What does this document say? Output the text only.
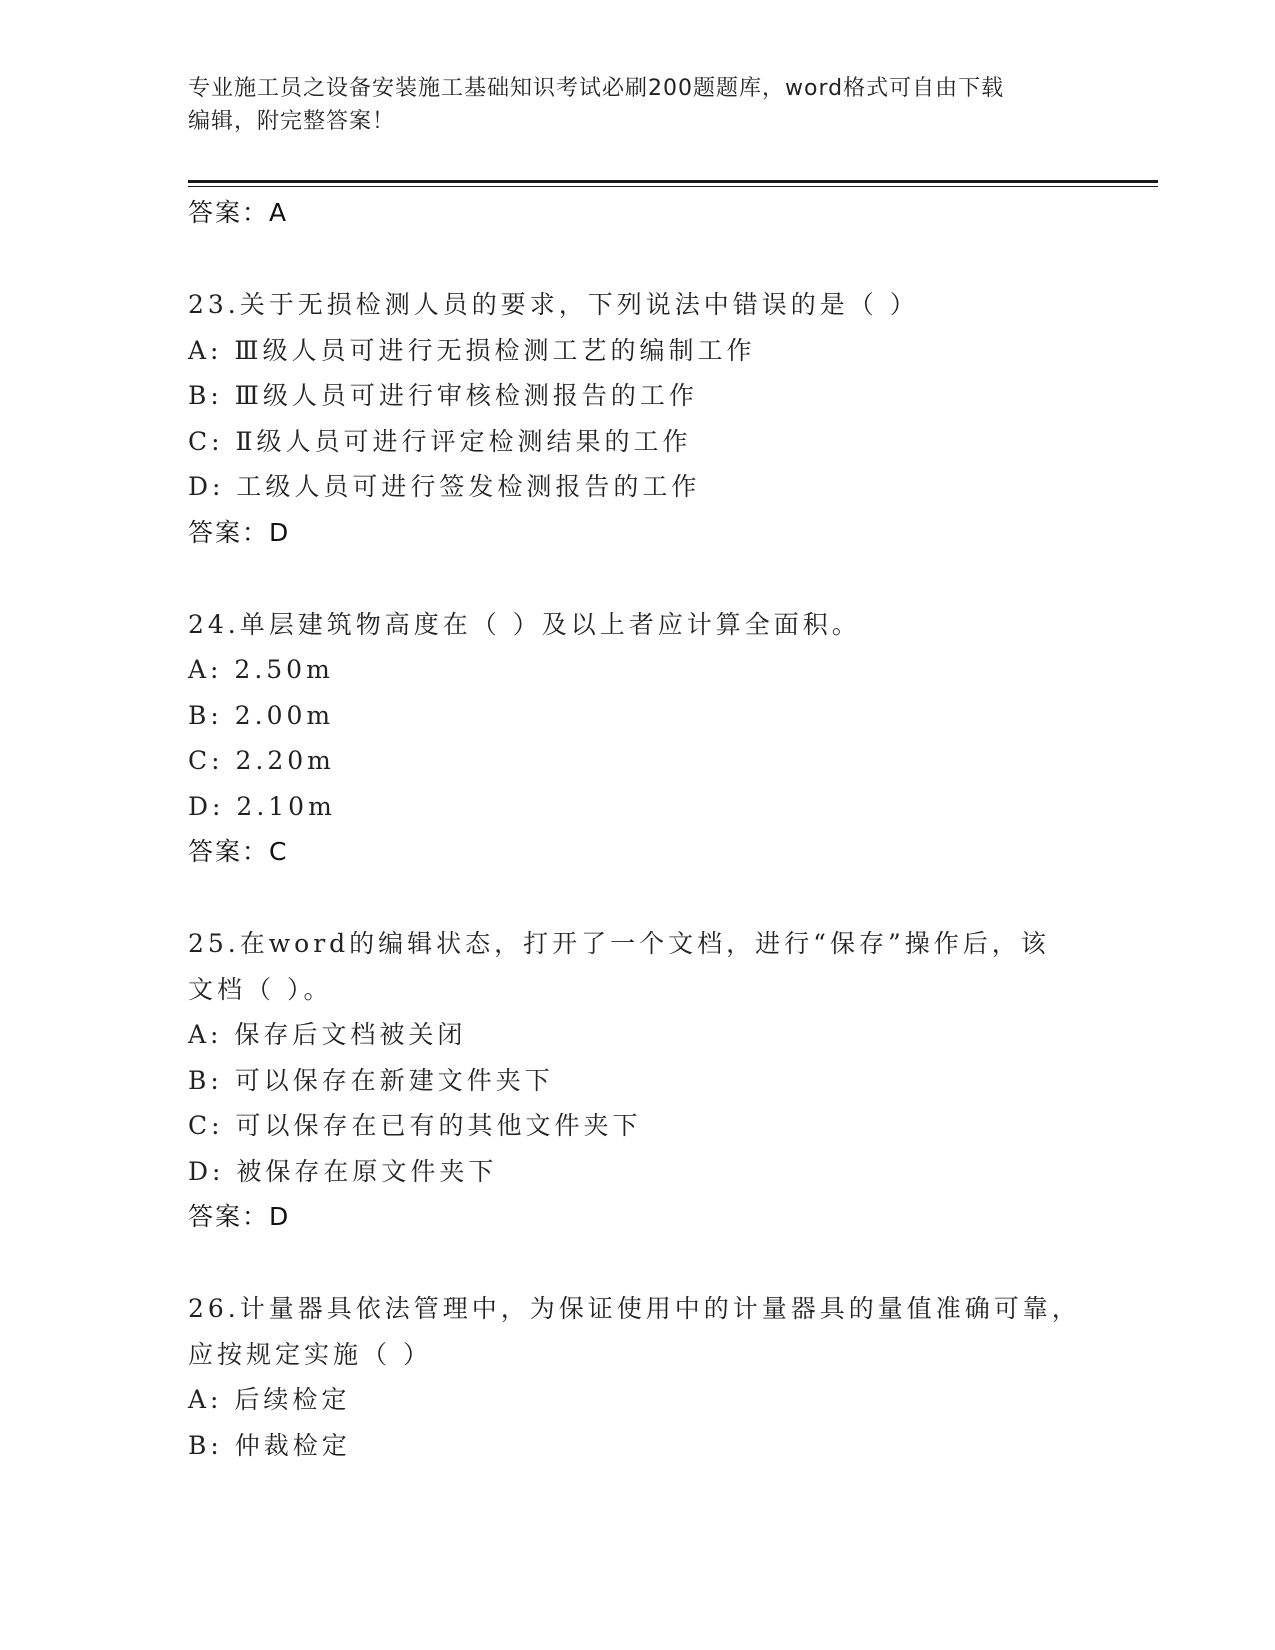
专业施工员之设备安装施工基础知识考试必刷200题题库，word格式可自由下载
编辑，附完整答案！
答案：A
23.关于无损检测人员的要求，下列说法中错误的是（ ）
A: Ⅲ级人员可进行无损检测工艺的编制工作
B: Ⅲ级人员可进行审核检测报告的工作
C: Ⅱ级人员可进行评定检测结果的工作
D: 工级人员可进行签发检测报告的工作
答案：D
24.单层建筑物高度在（ ）及以上者应计算全面积。
A: 2.50m
B: 2.00m
C: 2.20m
D: 2.10m
答案：C
25.在word的编辑状态，打开了一个文档，进行“保存”操作后，该
文档（ ）。
A: 保存后文档被关闭
B: 可以保存在新建文件夹下
C: 可以保存在已有的其他文件夹下
D: 被保存在原文件夹下
答案：D
26.计量器具依法管理中，为保证使用中的计量器具的量值准确可靠，
应按规定实施（ ）
A: 后续检定
B: 仲裁检定
